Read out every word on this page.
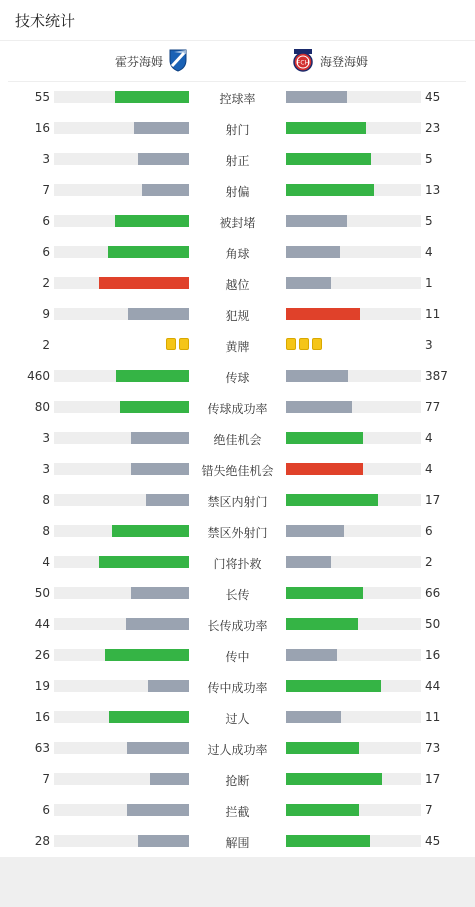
技术统计
霍芬海姆	FCH 海登海姆
55	控球率	45
16	射门	23
3	射正	5
7	射偏	13
6	被封堵	5
6	角球	4
2	越位	1
9	犯规	11
2	黄牌	3
460	传球	387
80	传球成功率	77
3	绝佳机会	4
3	错失绝佳机会	4
8	禁区内射门	17
8	禁区外射门	6
4	门将扑救	2
50	长传	66
44	长传成功率	50
26	传中	16
19	传中成功率	44
16	过人	11
63	过人成功率	73
7	抢断	17
6	拦截	7
28	解围	45
